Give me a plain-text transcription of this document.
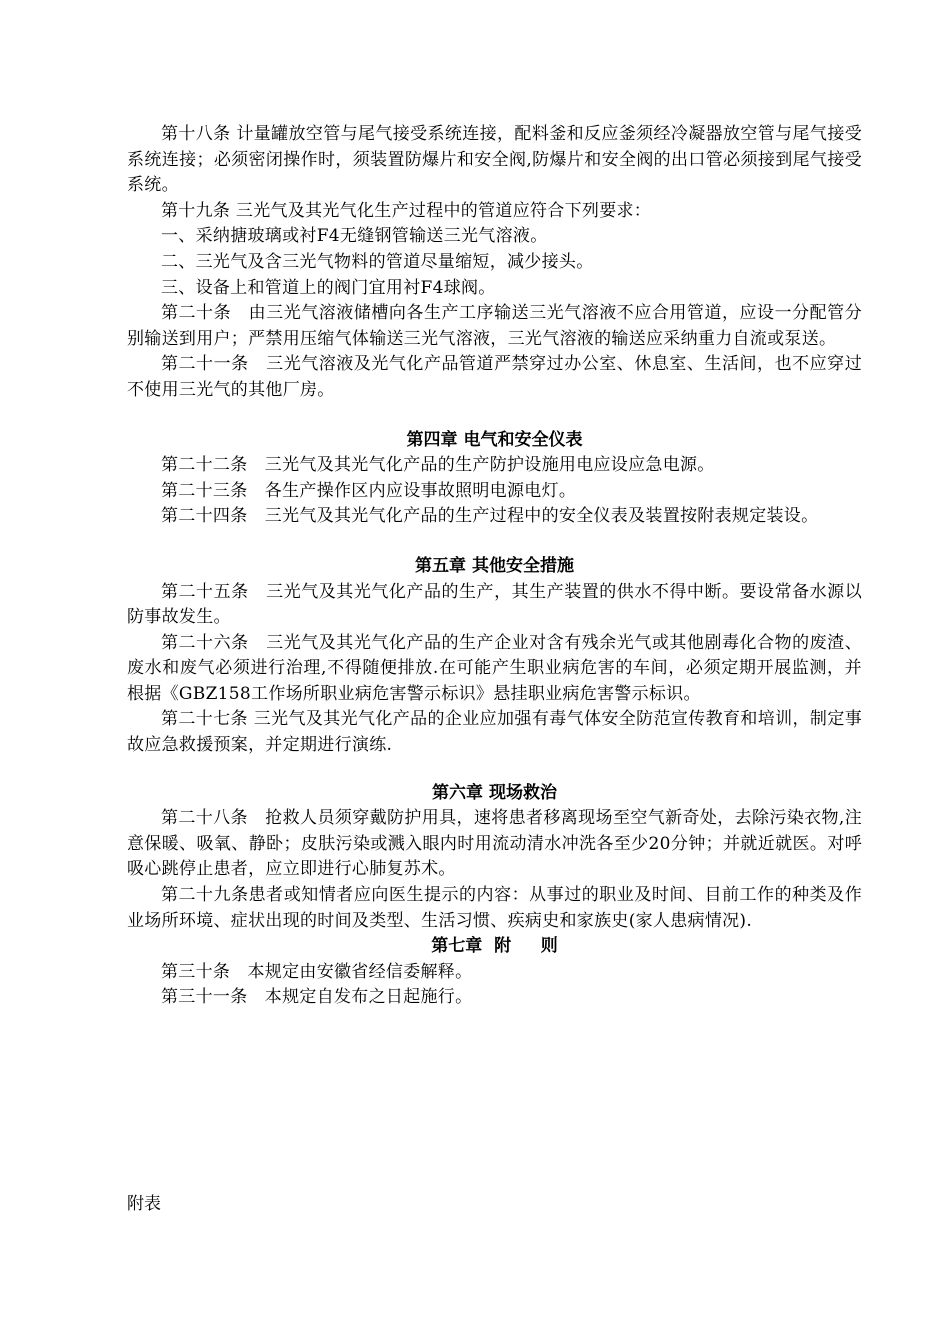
第十八条 计量罐放空管与尾气接受系统连接，配料釜和反应釜须经冷凝器放空管与尾气接受系统连接；必须密闭操作时，须装置防爆片和安全阀,防爆片和安全阀的出口管必须接到尾气接受系统。

第十九条 三光气及其光气化生产过程中的管道应符合下列要求：

一、采纳搪玻璃或衬F4无缝钢管输送三光气溶液。

二、三光气及含三光气物料的管道尽量缩短，减少接头。

三、设备上和管道上的阀门宜用衬F4球阀。

第二十条　由三光气溶液储槽向各生产工序输送三光气溶液不应合用管道，应设一分配管分别输送到用户；严禁用压缩气体输送三光气溶液，三光气溶液的输送应采纳重力自流或泵送。

第二十一条　三光气溶液及光气化产品管道严禁穿过办公室、休息室、生活间，也不应穿过不使用三光气的其他厂房。

第四章 电气和安全仪表

第二十二条　三光气及其光气化产品的生产防护设施用电应设应急电源。

第二十三条　各生产操作区内应设事故照明电源电灯。

第二十四条　三光气及其光气化产品的生产过程中的安全仪表及装置按附表规定装设。

第五章 其他安全措施

第二十五条　三光气及其光气化产品的生产，其生产装置的供水不得中断。要设常备水源以防事故发生。

第二十六条　三光气及其光气化产品的生产企业对含有残余光气或其他剧毒化合物的废渣、废水和废气必须进行治理,不得随便排放.在可能产生职业病危害的车间，必须定期开展监测，并根据《GBZ158工作场所职业病危害警示标识》悬挂职业病危害警示标识。

第二十七条 三光气及其光气化产品的企业应加强有毒气体安全防范宣传教育和培训，制定事故应急救援预案，并定期进行演练.

第六章 现场救治

第二十八条　抢救人员须穿戴防护用具，速将患者移离现场至空气新奇处，去除污染衣物,注意保暖、吸氧、静卧；皮肤污染或溅入眼内时用流动清水冲洗各至少20分钟；并就近就医。对呼吸心跳停止患者，应立即进行心肺复苏术。

第二十九条患者或知情者应向医生提示的内容：从事过的职业及时间、目前工作的种类及作业场所环境、症状出现的时间及类型、生活习惯、疾病史和家族史(家人患病情况).

第七章  附     则

第三十条　本规定由安徽省经信委解释。

第三十一条　本规定自发布之日起施行。

附表
